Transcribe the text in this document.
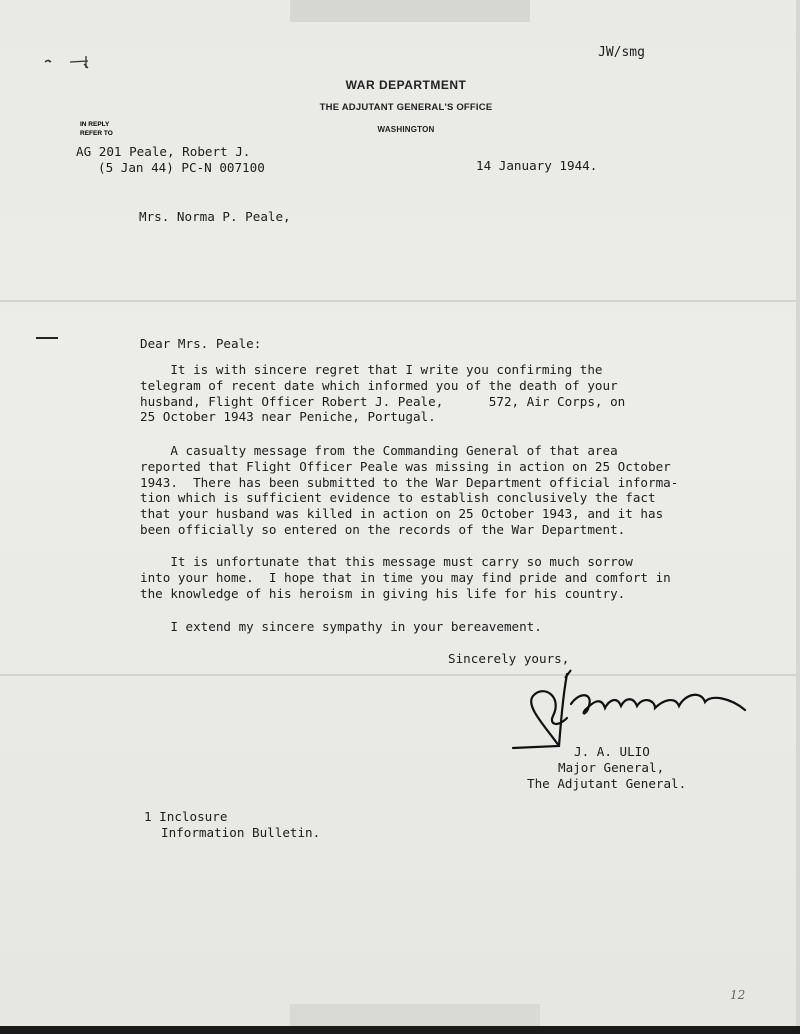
JW/smg
WAR DEPARTMENT
THE ADJUTANT GENERAL'S OFFICE
WASHINGTON
IN REPLY
REFER TO
AG 201 Peale, Robert J.
(5 Jan 44) PC-N 007100	14 January 1944.
Mrs. Norma P. Peale,
Dear Mrs. Peale:
It is with sincere regret that I write you confirming the
telegram of recent date which informed you of the death of your
husband, Flight Officer Robert J. Peale,      572, Air Corps, on
25 October 1943 near Peniche, Portugal.
A casualty message from the Commanding General of that area
reported that Flight Officer Peale was missing in action on 25 October
1943.  There has been submitted to the War Department official informa-
tion which is sufficient evidence to establish conclusively the fact
that your husband was killed in action on 25 October 1943, and it has
been officially so entered on the records of the War Department.
It is unfortunate that this message must carry so much sorrow
into your home.  I hope that in time you may find pride and comfort in
the knowledge of his heroism in giving his life for his country.
I extend my sincere sympathy in your bereavement.
Sincerely yours,
J. A. ULIO
Major General,
The Adjutant General.
1 Inclosure
Information Bulletin.
12
